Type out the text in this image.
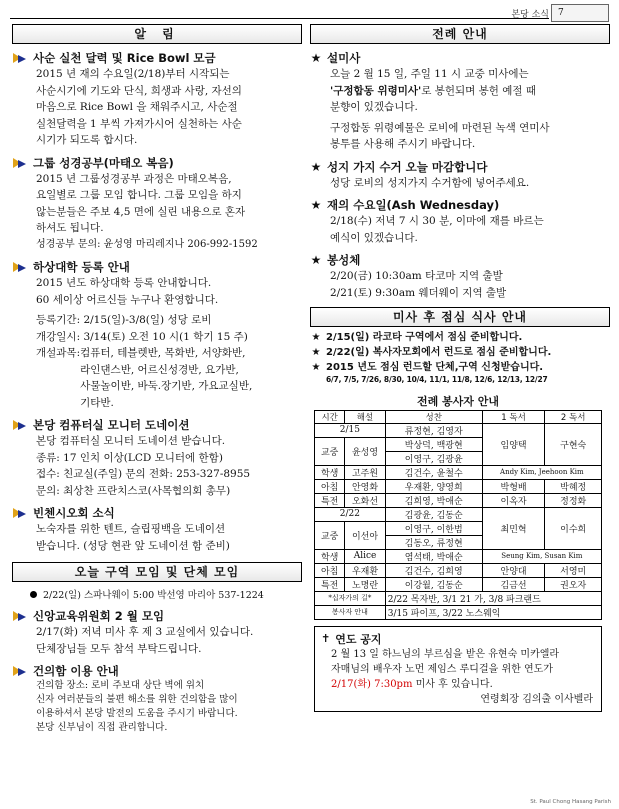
본당 소식	7
알 림
사순 실천 달력 및 Rice Bowl 모금

2015 년 재의 수요일(2/18)부터 시작되는

사순시기에 기도와 단식, 희생과 사랑, 자선의

마음으로 Rice Bowl 을 채워주시고, 사순절

실천달력을 1 부씩 가져가시어 실천하는 사순

시기가 되도록 합시다.

그룹 성경공부(마태오 복음)

2015 년 그룹성경공부 과정은 마태오복음,

요일별로 그룹 모임 합니다. 그룹 모임을 하지

않는분들은 주보 4,5 면에 실린 내용으로 혼자

하셔도 됩니다.

성경공부 문의: 윤성영 마리레지나 206-992-1592

하상대학 등록 안내

2015 년도 하상대학 등록 안내합니다.

60 세이상 어르신들 누구나 환영합니다.

등록기간: 2/15(일)-3/8(일) 성당 로비

개강일시: 3/14(토) 오전 10 시(1 학기 15 주)

개설과목: 컴퓨터, 테블렛반, 목화반, 서양화반,

라인댄스반, 어르신성경반, 요가반,

사물놀이반, 바둑.장기반, 가요교실반,

기타반.

본당 컴퓨터실 모니터 도네이션

본당 컴퓨터실 모니터 도네이션 받습니다.

종류: 17 인치 이상(LCD 모니터에 한함)

접수: 친교실(주일) 문의 전화: 253-327-8955

문의: 최상찬 프란치스코(사목협의회 총무)

빈첸시오회 소식

노숙자를 위한 텐트, 슬립핑백을 도네이션

받습니다. (성당 현관 앞 도네이션 함 준비)

오늘 구역 모임 및 단체 모임
2/22(일) 스파나웨이 5:00 박선영 마리아 537-1224
신앙교육위원회 2 월 모임

2/17(화) 저녁 미사 후 제 3 교실에서 있습니다.

단체장님들 모두 참석 부탁드립니다.

건의함 이용 안내

건의함 장소: 로비 주보대 상단 벽에 위치

신자 여러분들의 불편 해소를 위한 건의함을 많이

이용하셔서 본당 발전의 도움을 주시기 바랍니다.

본당 신부님이 직접 관리합니다.

전례 안내
★ 설미사

오늘 2 월 15 일, 주일 11 시 교중 미사에는

'구정합동 위령미사'로 봉헌되며 봉헌 예절 때

분향이 있겠습니다.

구정합동 위령예물은 로비에 마련된 녹색 연미사

봉투를 사용해 주시기 바랍니다.

★ 성지 가지 수거 오늘 마감합니다

성당 로비의 성지가지 수거함에 넣어주세요.

★ 재의 수요일(Ash Wednesday)

2/18(수) 저녁 7 시 30 분, 이마에 재를 바르는

예식이 있겠습니다.

★ 봉성체

2/20(금) 10:30am 타코마 지역 출발

2/21(토) 9:30am 웨더웨이 지역 출발

미사 후 점심 식사 안내
★ 2/15(일) 라코타 구역에서 점심 준비합니다.
★ 2/22(일) 복사자모회에서 런드로 점심 준비합니다.
★ 2015 년도 점심 런드할 단체,구역 신청받습니다.
6/7, 7/5, 7/26, 8/30, 10/4, 11/1, 11/8, 12/6, 12/13, 12/27
전례 봉사자 안내				
시간	해설	성찬	1 독서	2 독서
2/15		류정현, 김영자	임양택	구현숙
교중	윤성영	박상덕, 백광현		
		이영구, 김광윤		
학생	고주원	김건수, 윤철수	Andy Kim, Jeehoon Kim	
아침	안영화	우재환, 양영희	박형배	박혜정
특전	오화선	김희영, 박애순	이옥자	정정화
2/22		김광윤, 김동순	최민혁	이수희
교중	이선아	이영구, 이한범		
		김동오, 류정현		
학생	Alice	염석태, 박애순	Seung Kim, Susan Kim	
아침	우재환	김건수, 김희영	안양대	서영미
특전	노명란	이강월, 김동순	김금선	권오자
*십자가의 길*		2/22 목자반, 3/1 21 가, 3/8 파크랜드		
봉사자 안내		3/15 파이프, 3/22 노스웨익		
✝ 연도 공지

2 월 13 일 하느님의 부르심을 받은 유현숙 미카엘라

자매님의 배우자 노먼 제임스 루디걸을 위한 연도가

2/17(화) 7:30pm 미사 후 있습니다.

연령회장 김의출 이사벨라

St. Paul Chong Hasang Parish
